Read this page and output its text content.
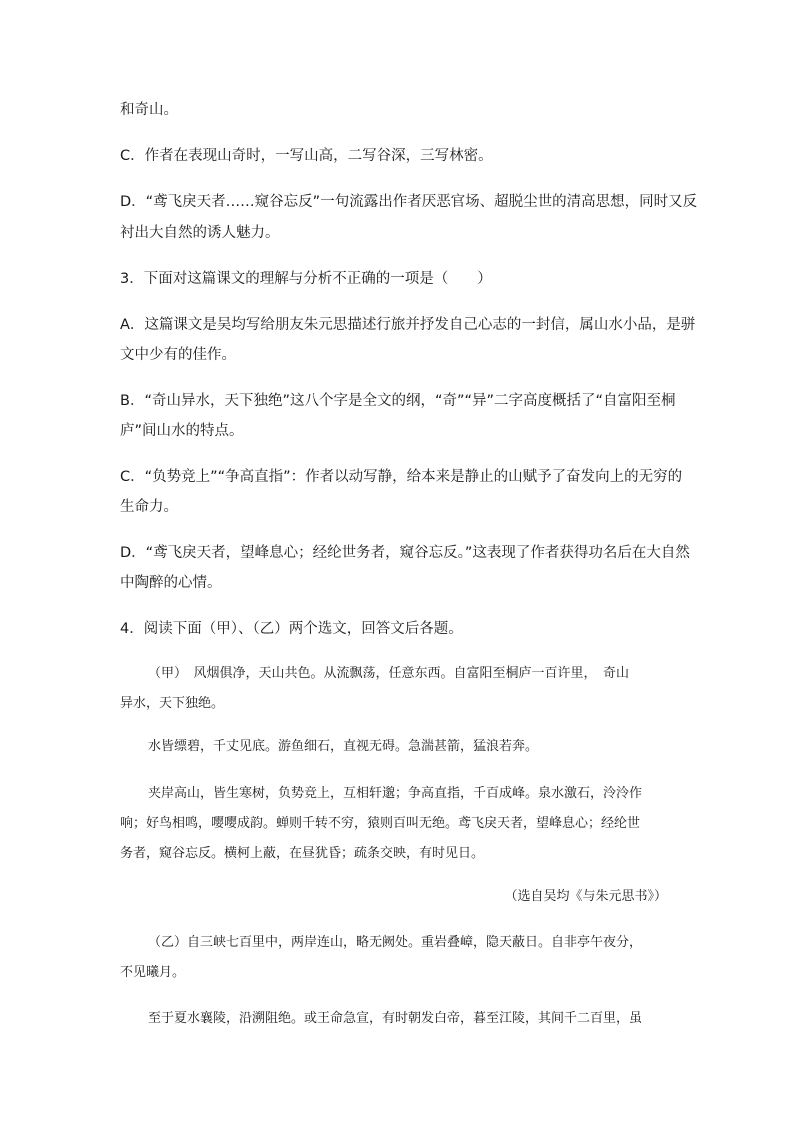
和奇山。
C．作者在表现山奇时，一写山高，二写谷深，三写林密。
D．“鸢飞戾天者……窥谷忘反”一句流露出作者厌恶官场、超脱尘世的清高思想，同时又反
衬出大自然的诱人魅力。
3．下面对这篇课文的理解与分析不正确的一项是（　　）
A．这篇课文是吴均写给朋友朱元思描述行旅并抒发自己心志的一封信，属山水小品，是骈
文中少有的佳作。
B．“奇山异水，天下独绝”这八个字是全文的纲，“奇”“异”二字高度概括了“自富阳至桐
庐”间山水的特点。
C．“负势竞上”“争高直指”：作者以动写静，给本来是静止的山赋予了奋发向上的无穷的
生命力。
D．“鸢飞戾天者，望峰息心；经纶世务者，窥谷忘反。”这表现了作者获得功名后在大自然
中陶醉的心情。
4．阅读下面（甲）、（乙）两个选文，回答文后各题。
（甲）　风烟俱净，天山共色。从流飘荡，任意东西。自富阳至桐庐一百许里，　奇山
异水，天下独绝。
水皆缥碧，千丈见底。游鱼细石，直视无碍。急湍甚箭，猛浪若奔。
夹岸高山，皆生寒树，负势竞上，互相轩邈；争高直指，千百成峰。泉水激石，泠泠作
响；好鸟相鸣，嘤嘤成韵。蝉则千转不穷，猿则百叫无绝。鸢飞戾天者，望峰息心；经纶世
务者，窥谷忘反。横柯上蔽，在昼犹昏；疏条交映，有时见日。
（选自吴均《与朱元思书》）
（乙）自三峡七百里中，两岸连山，略无阙处。重岩叠嶂，隐天蔽日。自非亭午夜分，
不见曦月。
至于夏水襄陵，沿溯阻绝。或王命急宣，有时朝发白帝，暮至江陵，其间千二百里，虽
